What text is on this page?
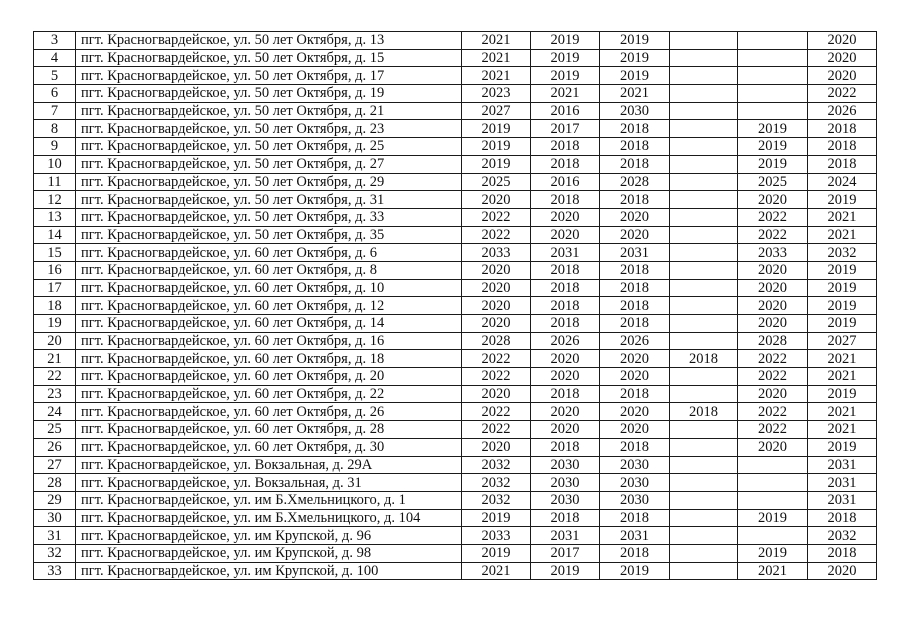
3	пгт. Красногвардейское, ул. 50 лет Октября, д. 13	2021	2019	2019			2020
4	пгт. Красногвардейское, ул. 50 лет Октября, д. 15	2021	2019	2019			2020
5	пгт. Красногвардейское, ул. 50 лет Октября, д. 17	2021	2019	2019			2020
6	пгт. Красногвардейское, ул. 50 лет Октября, д. 19	2023	2021	2021			2022
7	пгт. Красногвардейское, ул. 50 лет Октября, д. 21	2027	2016	2030			2026
8	пгт. Красногвардейское, ул. 50 лет Октября, д. 23	2019	2017	2018		2019	2018
9	пгт. Красногвардейское, ул. 50 лет Октября, д. 25	2019	2018	2018		2019	2018
10	пгт. Красногвардейское, ул. 50 лет Октября, д. 27	2019	2018	2018		2019	2018
11	пгт. Красногвардейское, ул. 50 лет Октября, д. 29	2025	2016	2028		2025	2024
12	пгт. Красногвардейское, ул. 50 лет Октября, д. 31	2020	2018	2018		2020	2019
13	пгт. Красногвардейское, ул. 50 лет Октября, д. 33	2022	2020	2020		2022	2021
14	пгт. Красногвардейское, ул. 50 лет Октября, д. 35	2022	2020	2020		2022	2021
15	пгт. Красногвардейское, ул. 60 лет Октября, д. 6	2033	2031	2031		2033	2032
16	пгт. Красногвардейское, ул. 60 лет Октября, д. 8	2020	2018	2018		2020	2019
17	пгт. Красногвардейское, ул. 60 лет Октября, д. 10	2020	2018	2018		2020	2019
18	пгт. Красногвардейское, ул. 60 лет Октября, д. 12	2020	2018	2018		2020	2019
19	пгт. Красногвардейское, ул. 60 лет Октября, д. 14	2020	2018	2018		2020	2019
20	пгт. Красногвардейское, ул. 60 лет Октября, д. 16	2028	2026	2026		2028	2027
21	пгт. Красногвардейское, ул. 60 лет Октября, д. 18	2022	2020	2020	2018	2022	2021
22	пгт. Красногвардейское, ул. 60 лет Октября, д. 20	2022	2020	2020		2022	2021
23	пгт. Красногвардейское, ул. 60 лет Октября, д. 22	2020	2018	2018		2020	2019
24	пгт. Красногвардейское, ул. 60 лет Октября, д. 26	2022	2020	2020	2018	2022	2021
25	пгт. Красногвардейское, ул. 60 лет Октября, д. 28	2022	2020	2020		2022	2021
26	пгт. Красногвардейское, ул. 60 лет Октября, д. 30	2020	2018	2018		2020	2019
27	пгт. Красногвардейское, ул. Вокзальная, д. 29А	2032	2030	2030			2031
28	пгт. Красногвардейское, ул. Вокзальная, д. 31	2032	2030	2030			2031
29	пгт. Красногвардейское, ул. им Б.Хмельницкого, д. 1	2032	2030	2030			2031
30	пгт. Красногвардейское, ул. им Б.Хмельницкого, д. 104	2019	2018	2018		2019	2018
31	пгт. Красногвардейское, ул. им Крупской, д. 96	2033	2031	2031			2032
32	пгт. Красногвардейское, ул. им Крупской, д. 98	2019	2017	2018		2019	2018
33	пгт. Красногвардейское, ул. им Крупской, д. 100	2021	2019	2019		2021	2020
